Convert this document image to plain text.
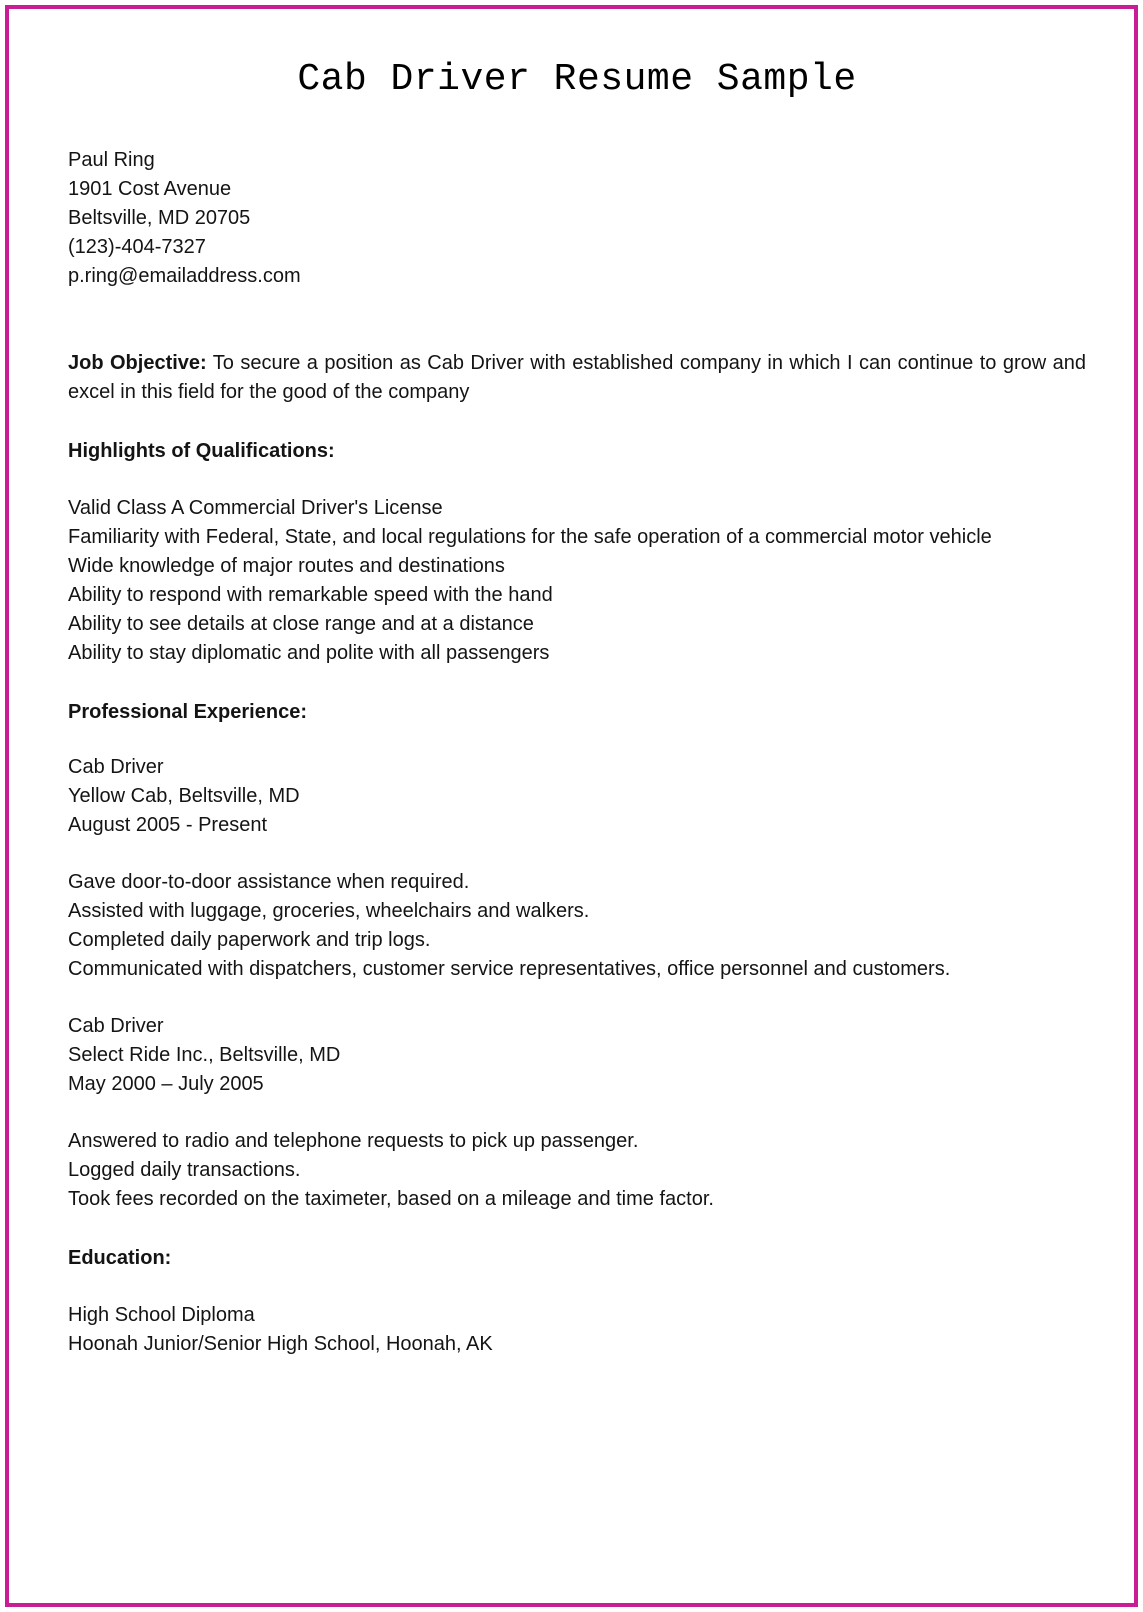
Cab Driver Resume Sample
Paul Ring
1901 Cost Avenue
Beltsville, MD 20705
(123)-404-7327
p.ring@emailaddress.com

Job Objective: To secure a position as Cab Driver with established company in which I can continue to grow and excel in this field for the good of the company

Highlights of Qualifications:
Valid Class A Commercial Driver's License
Familiarity with Federal, State, and local regulations for the safe operation of a commercial motor vehicle
Wide knowledge of major routes and destinations
Ability to respond with remarkable speed with the hand
Ability to see details at close range and at a distance
Ability to stay diplomatic and polite with all passengers
Professional Experience:
Cab Driver
Yellow Cab, Beltsville, MD
August 2005 - Present
Gave door-to-door assistance when required.
Assisted with luggage, groceries, wheelchairs and walkers.
Completed daily paperwork and trip logs.
Communicated with dispatchers, customer service representatives, office personnel and customers.
Cab Driver
Select Ride Inc., Beltsville, MD
May 2000 – July 2005
Answered to radio and telephone requests to pick up passenger.
Logged daily transactions.
Took fees recorded on the taximeter, based on a mileage and time factor.
Education:
High School Diploma
Hoonah Junior/Senior High School, Hoonah, AK
